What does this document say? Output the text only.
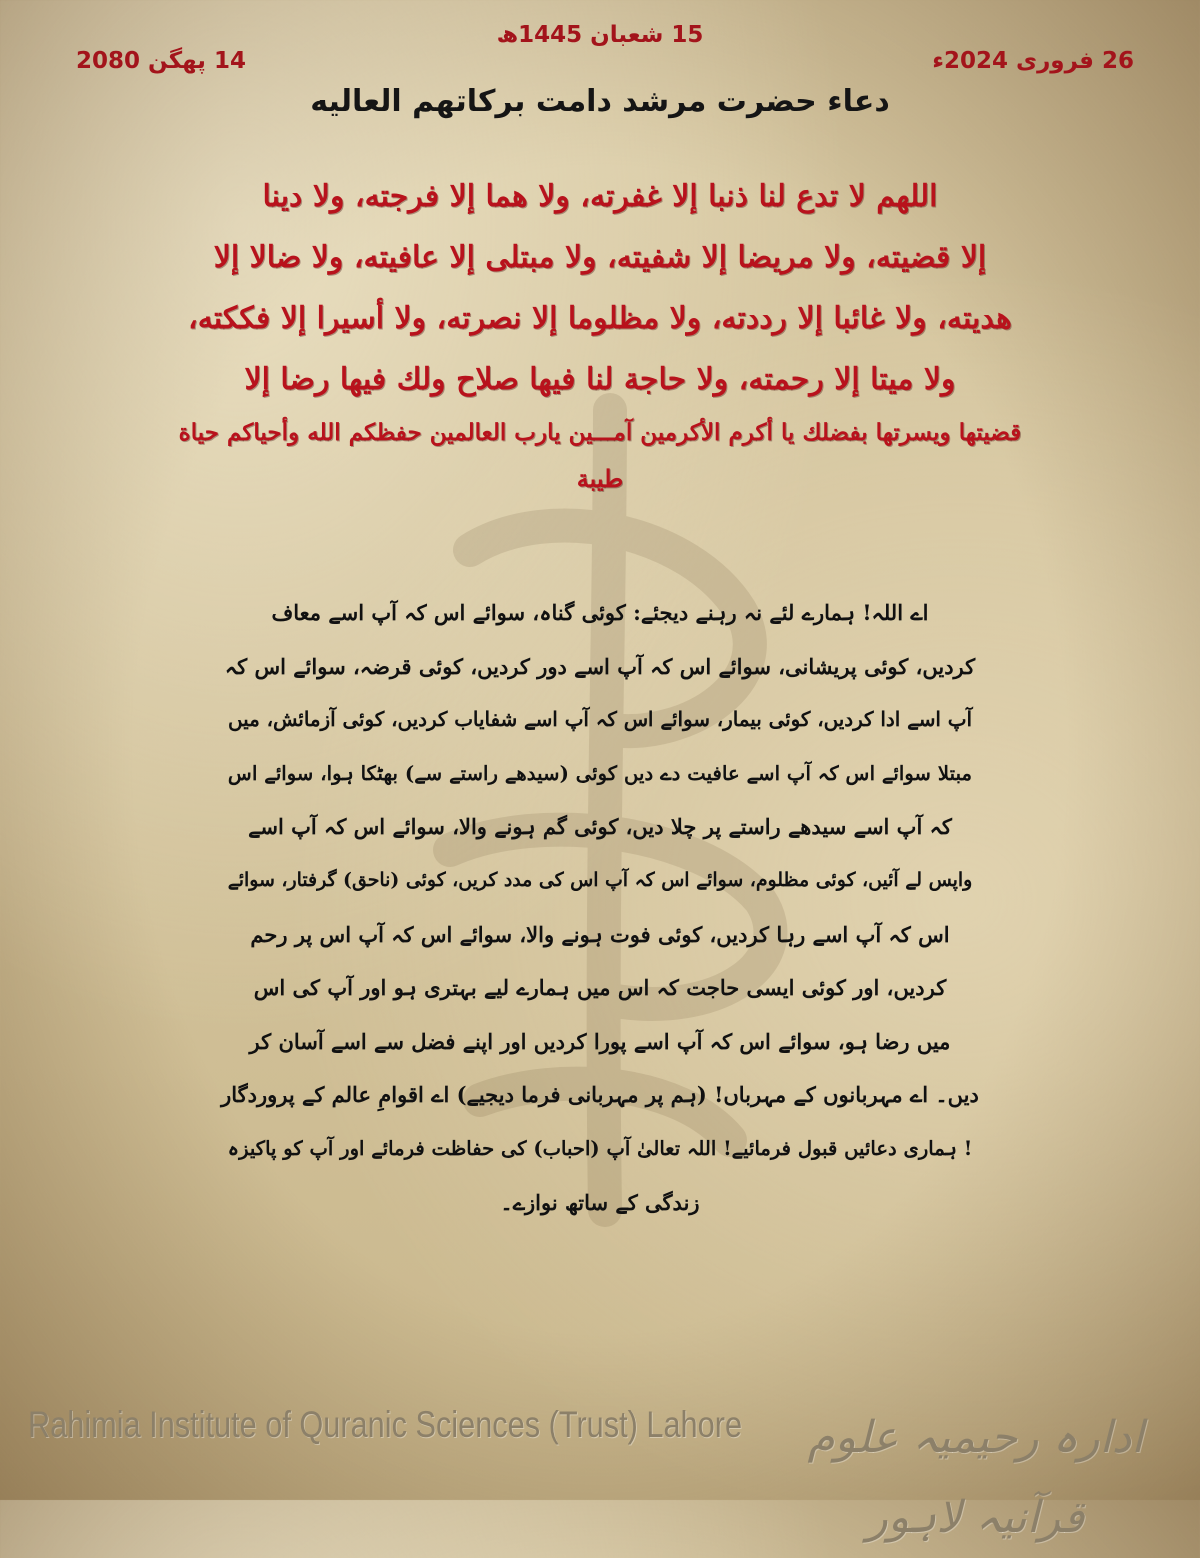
15 شعبان 1445ھ
26 فروری 2024ء
14 پھگن 2080
دعاء حضرت مرشد دامت برکاتهم العالیه
اللهم لا تدع لنا ذنبا إلا غفرته، ولا هما إلا فرجته، ولا دينا
إلا قضيته، ولا مريضا إلا شفيته، ولا مبتلى إلا عافيته، ولا ضالا إلا
هديته، ولا غائبا إلا رددته، ولا مظلوما إلا نصرته، ولا أسيرا إلا فككته،
ولا ميتا إلا رحمته، ولا حاجة لنا فيها صلاح ولك فيها رضا إلا
قضيتها ويسرتها بفضلك يا أكرم الأكرمين آمـــين يارب العالمين حفظكم الله وأحياكم حياة
طيبة
اے اللہ! ہمارے لئے نہ رہنے دیجئے: کوئی گناہ، سوائے اس کہ آپ اسے معاف
کردیں، کوئی پریشانی، سوائے اس کہ آپ اسے دور کردیں، کوئی قرضہ، سوائے اس کہ
آپ اسے ادا کردیں، کوئی بیمار، سوائے اس کہ آپ اسے شفایاب کردیں، کوئی آزمائش، میں
مبتلا سوائے اس کہ آپ اسے عافیت دے دیں کوئی (سیدھے راستے سے) بھٹکا ہوا، سوائے اس
کہ آپ اسے سیدھے راستے پر چلا دیں، کوئی گم ہونے والا، سوائے اس کہ آپ اسے
واپس لے آئیں، کوئی مظلوم، سوائے اس کہ آپ اس کی مدد کریں، کوئی (ناحق) گرفتار، سوائے
اس کہ آپ اسے رہا کردیں، کوئی فوت ہونے والا، سوائے اس کہ آپ اس پر رحم
کردیں، اور کوئی ایسی حاجت کہ اس میں ہمارے لیے بہتری ہو اور آپ کی اس
میں رضا ہو، سوائے اس کہ آپ اسے پورا کردیں اور اپنے فضل سے اسے آسان کر
دیں۔ اے مہربانوں کے مہرباں! (ہم پر مہربانی فرما دیجیے) اے اقوامِ عالم کے پروردگار
! ہماری دعائیں قبول فرمائیے! اللہ تعالیٰ آپ (احباب) کی حفاظت فرمائے اور آپ کو پاکیزہ
زندگی کے ساتھ نوازے۔
Rahimia Institute of Quranic Sciences (Trust) Lahore	ادارہ رحیمیہ علوم قرآنیہ لاہور
